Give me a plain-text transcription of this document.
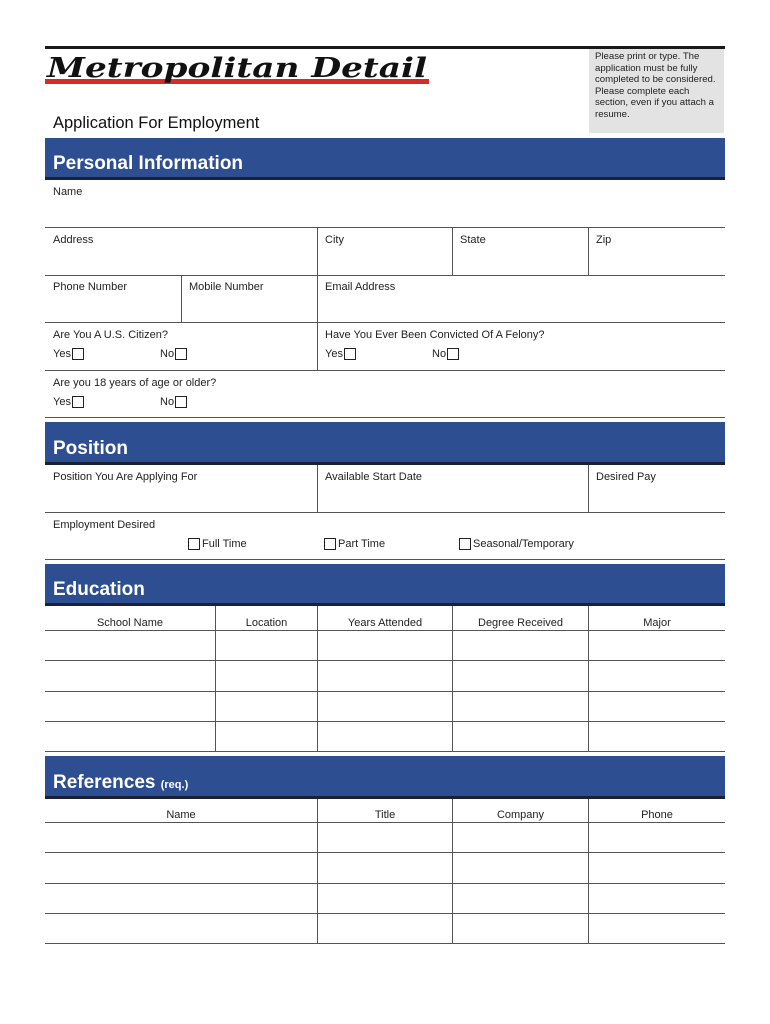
Metropolitan Detail	Please print or type. The application must be fully completed to be considered. Please complete each section, even if you attach a resume.
Application For Employment
Personal Information
Name
Address	City	State	Zip
Phone Number	Mobile Number	Email Address
Are You A U.S. Citizen?
Yes	No
Have You Ever Been Convicted Of A Felony?
Yes	No
Are you 18 years of age or older?
Yes	No
Position
Position You Are Applying For	Available Start Date	Desired Pay
Employment Desired
Full Time	Part Time	Seasonal/Temporary
Education
School Name	Location	Years Attended	Degree Received	Major
References (req.)
Name	Title	Company	Phone
